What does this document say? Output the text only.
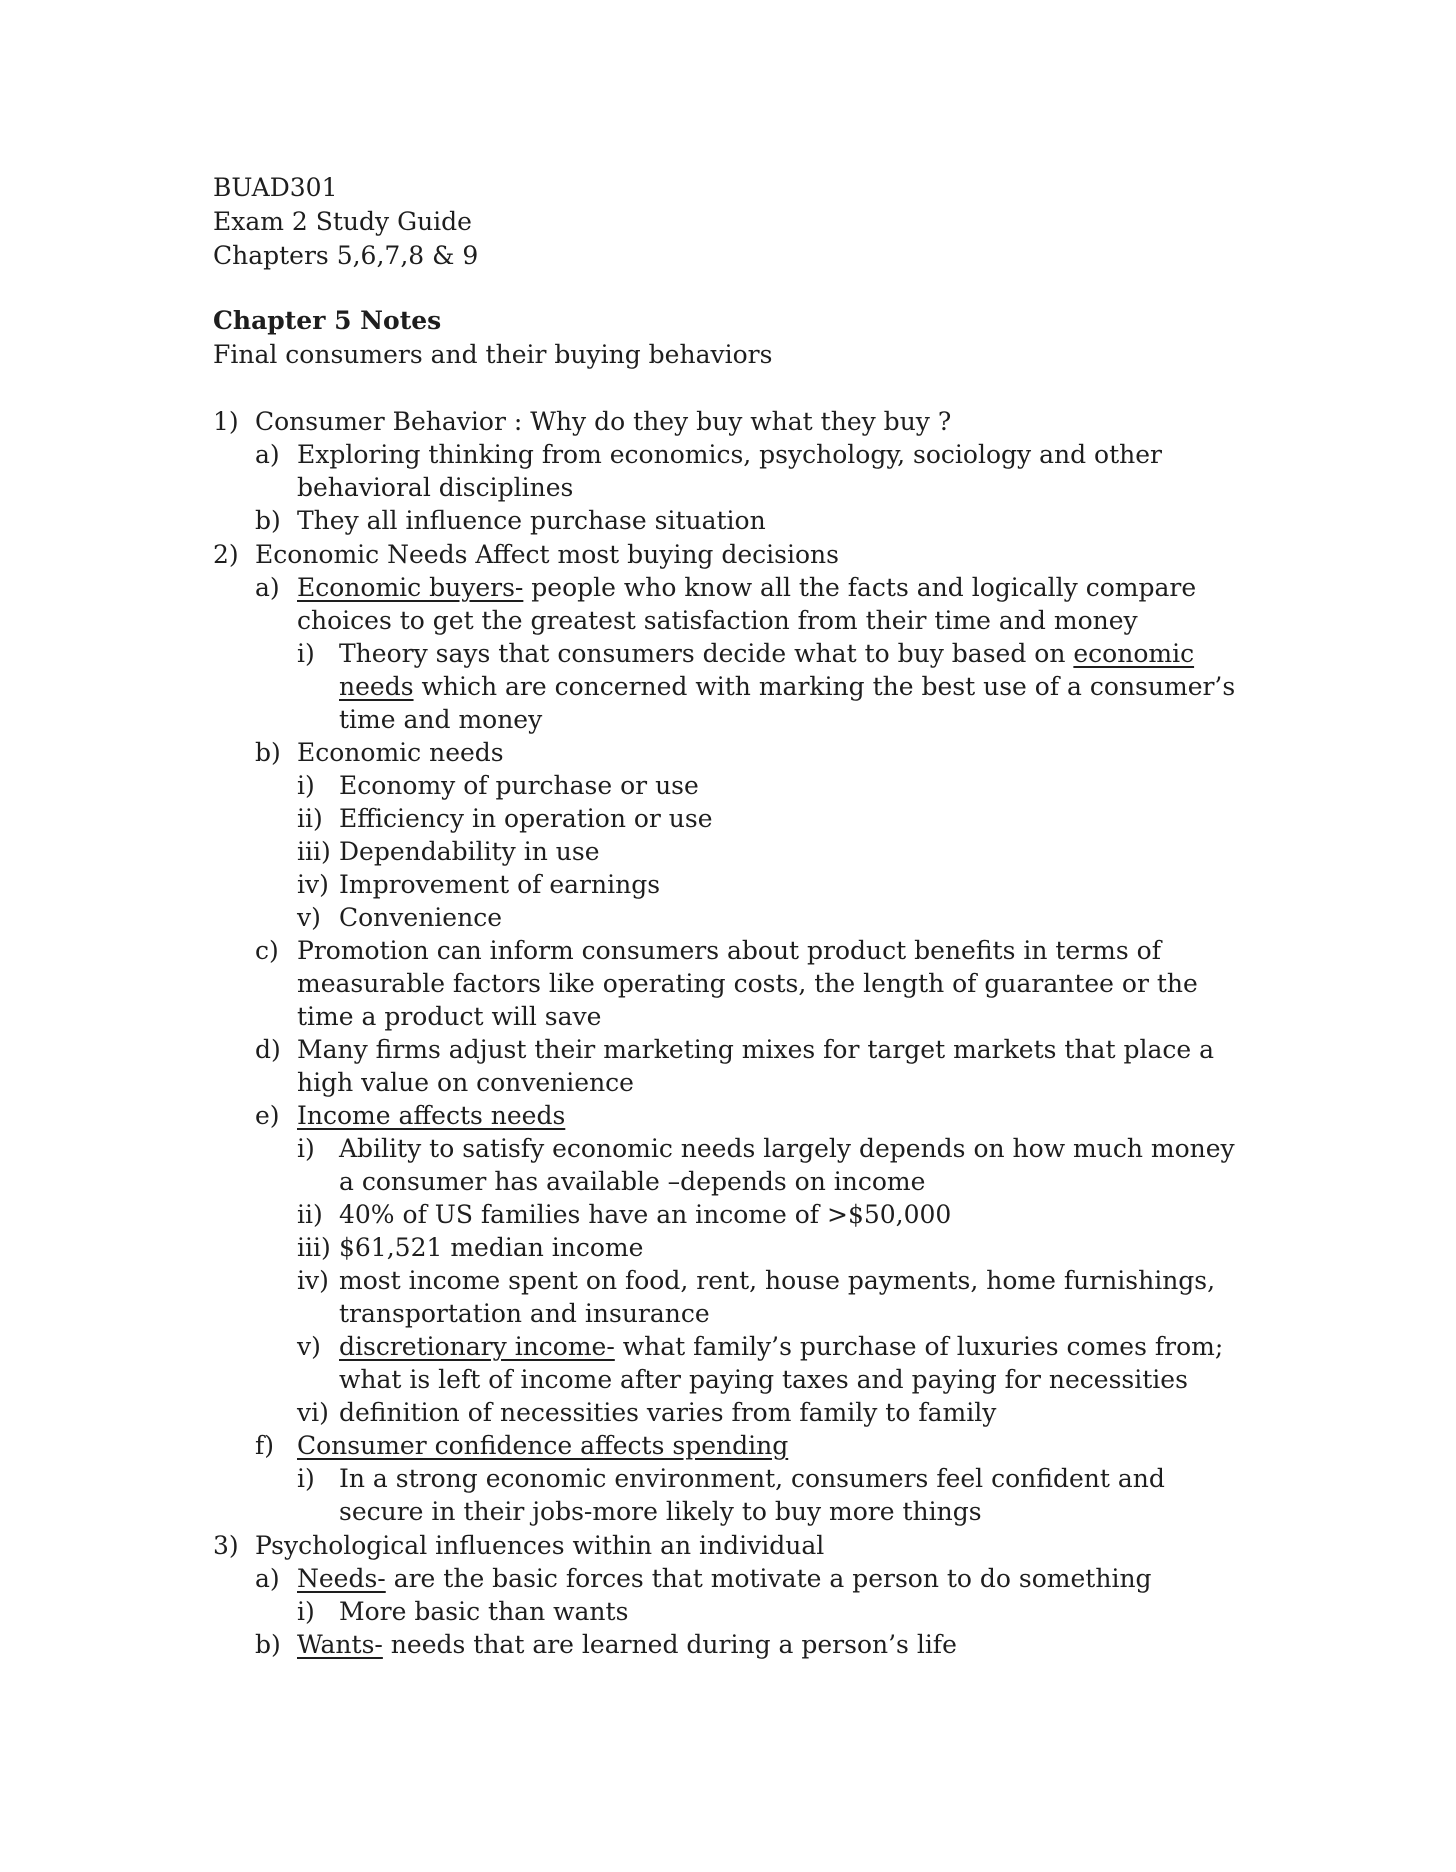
BUAD301
Exam 2 Study Guide
Chapters 5,6,7,8 & 9
Chapter 5 Notes
Final consumers and their buying behaviors
1) Consumer Behavior : Why do they buy what they buy ?
a) Exploring thinking from economics, psychology, sociology and other behavioral disciplines
b) They all influence purchase situation
2) Economic Needs Affect most buying decisions
a) Economic buyers- people who know all the facts and logically compare choices to get the greatest satisfaction from their time and money
i) Theory says that consumers decide what to buy based on economic needs which are concerned with marking the best use of a consumer’s time and money
b) Economic needs
i) Economy of purchase or use
ii) Efficiency in operation or use
iii) Dependability in use
iv) Improvement of earnings
v) Convenience
c) Promotion can inform consumers about product benefits in terms of measurable factors like operating costs, the length of guarantee or the time a product will save
d) Many firms adjust their marketing mixes for target markets that place a high value on convenience
e) Income affects needs
i) Ability to satisfy economic needs largely depends on how much money a consumer has available –depends on income
ii) 40% of US families have an income of >$50,000
iii) $61,521 median income
iv) most income spent on food, rent, house payments, home furnishings, transportation and insurance
v) discretionary income- what family’s purchase of luxuries comes from; what is left of income after paying taxes and paying for necessities
vi) definition of necessities varies from family to family
f) Consumer confidence affects spending
i) In a strong economic environment, consumers feel confident and secure in their jobs-more likely to buy more things
3) Psychological influences within an individual
a) Needs- are the basic forces that motivate a person to do something
i) More basic than wants
b) Wants- needs that are learned during a person’s life
